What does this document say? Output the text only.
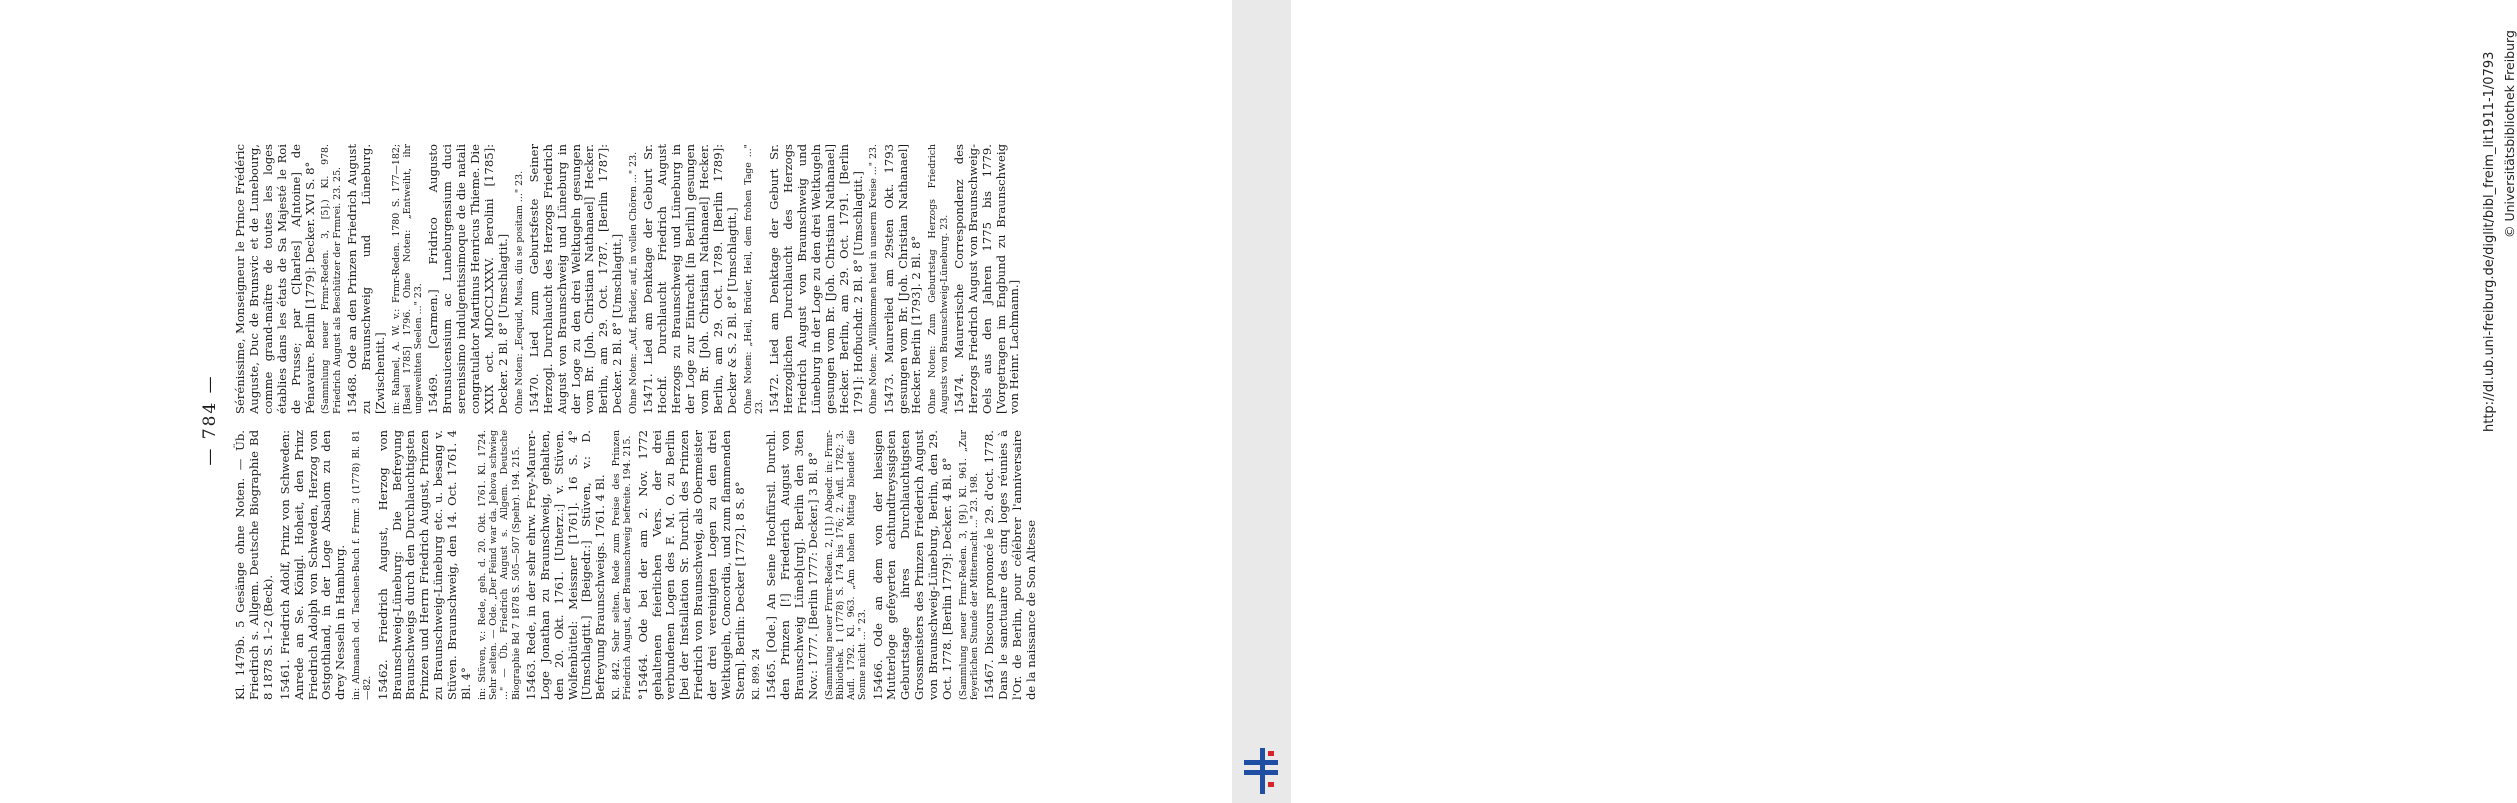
— 784 —

Kl. 1479b. 5 Gesänge ohne Noten. — Üb. Friedrich s. Allgem. Deutsche Biographie Bd 8 1878 S. 1–2 (Beck). 15461. Friedrich Adolf, Prinz von Schweden: Anrede an Se. Königl. Hoheit, den Prinz Friedrich Adolph von Schweden, Herzog von Ostgothland, in der Loge Absalom zu den drey Nesseln in Hamburg. in: Almanach od. Taschen-Buch f. Frmr. 3 (1778) Bl. 81—82. 15462. Friedrich August, Herzog von Braunschweig-Lüneburg: Die Befreyung Braunschweigs durch den Durchlauchtigsten Prinzen und Herrn Friedrich August, Prinzen zu Braunschweig-Lüneburg etc. u. besang v. Stüven. Braunschweig, den 14. Oct. 1761. 4 Bl. 4° in: Stüven, v.: Rede, geh. d. 20. Okt. 1761. Kl. 1724. Sehr selten. — Ode. „Der Feind war da. Jehova schwieg ..." — Üb. Friedrich August s. Allgem. Deutsche Biographie Bd 7 1878 S. 505—507 (Spehr). 194. 215. 15463. Rede, in der sehr ehrw. Frey-Maurer-Loge Jonathan zu Braunschweig, gehalten, den 20. Okt. 1761. [Unterz.:] v. Stüven. Wolfenbüttel: Meissner [1761]. 16 S. 4° [Umschlagtit.] [Beigedr.:] Stüven, v.: D. Befreyung Braunschweigs. 1761. 4 Bl. Kl. 842. Sehr selten. Rede zum Preise des Prinzen Friedrich August, der Braunschweig befreite. 194. 215. °15464. Ode bei der am 2. Nov. 1772 gehaltenen feierlichen Vers. der drei verbundenen Logen des F. M. O. zu Berlin [bei der Installation Sr. Durchl. des Prinzen Friedrich von Braunschweig, als Obermeister der drei vereinigten Logen zu den drei Weltkugeln, Concordia, und zum flammenden Stern]. Berlin: Decker [1772]. 8 S. 8° Kl. 899. 24 15465. [Ode.] An Seine Hochfürstl. Durchl. den Prinzen [!] Friederich August von Braunschweig Lüneb[urg]. Berlin den 3ten Nov.: 1777. [Berlin 1777: Decker.] 3 Bl. 8° (Sammlung neuer Frmr-Reden. 2, [1].) Abgedr. in: Frmr-Bibliothek. 1 (1778) S. 174 bis 176; 2. Aufl. 1782; 3. Aufl. 1792. Kl. 963. „Am hohen Mittag blendet die Sonne nicht ..." 23. 15466. Ode an dem von der hiesigen Mutterloge gefeyerten achtundtreyssigsten Geburtstage ihres Durchlauchtigsten Grossmeisters des Prinzen Friederich August von Braunschweig-Lüneburg, Berlin, den 29. Oct. 1778. [Berlin 1779]: Decker. 4 Bl. 8° (Sammlung neuer Frmr-Reden. 3, [9].) Kl. 961. „Zur feyerlichen Stunde der Mitternacht ..." 23. 198. 15467. Discours prononcé le 29. d'oct. 1778. Dans le sanctuaire des cinq loges réunies à l'Or. de Berlin, pour célébrer l'anniversaire de la naissance de Son Altesse

Sérénissime, Monseigneur le Prince Frédéric Auguste, Duc de Brunsvic et de Lunebourg, comme grand-maître de toutes les loges établies dans les états de Sa Majesté le Roi de Prusse; par C[harles] A[ntoine] de Pénavaire. Berlin [1779]: Decker. XVI S. 8° (Sammlung neuer Frmr-Reden. 3, [5].) Kl. 978. Friedrich August als Beschützer der Frmrei. 23. 25. 15468. Ode an den Prinzen Friedrich August zu Braunschweig und Lüneburg. [Zwischentit.] in: Rahmel, A. W. v.: Frmr-Reden. 1780 S. 177—182; [Basel 1785] 1796. Ohne Noten: „Entweiht, ihr ungeweihten Seelen ..." 23. 15469. [Carmen.] Fridrico Augusto Brunsuicensium ac Luneburgensium duci serenissimo indulgentissimoque de die natali congratulator Martinus Henricus Thieme. Die XXIX oct. MDCCLXXXV. Berolini [1785]: Decker. 2 Bl. 8° [Umschlagtit.] Ohne Noten: „Eequid, Musa, diu se positam ..." 23. 15470. Lied zum Geburtsfeste Seiner Herzogl. Durchlaucht des Herzogs Friedrich August von Braunschweig und Lüneburg in der Loge zu den drei Weltkugeln gesungen vom Br. [Joh. Christian Nathanael] Hecker. Berlin, am 29. Oct. 1787. [Berlin 1787]: Decker. 2 Bl. 8° [Umschlagtit.] Ohne Noten: „Auf, Brüder, auf, in vollen Chören ..." 23. 15471. Lied am Denktage der Geburt Sr. Hochf. Durchlaucht Friedrich August Herzogs zu Braunschweig und Lüneburg in der Loge zur Eintracht [in Berlin] gesungen vom Br. [Joh. Christian Nathanael] Hecker. Berlin, am 29. Oct. 1789. [Berlin 1789]: Decker & S. 2 Bl. 8° [Umschlagtit.] Ohne Noten: „Heil, Brüder, Heil, dem frohen Tage ..." 23. 15472. Lied am Denktage der Geburt Sr. Herzoglichen Durchlaucht des Herzogs Friedrich August von Braunschweig und Lüneburg in der Loge zu den drei Weltkugeln gesungen vom Br. [Joh. Christian Nathanael] Hecker. Berlin, am 29. Oct. 1791. [Berlin 1791]: Hofbuchdr. 2 Bl. 8° [Umschlagtit.] Ohne Noten: „Willkommen heut in unserm Kreise ..." 23. 15473. Maurerlied am 29sten Okt. 1793 gesungen vom Br. [Joh. Christian Nathanael] Hecker. Berlin [1793]. 2 Bl. 8° Ohne Noten: Zum Geburtstag Herzogs Friedrich Augusts von Braunschweig-Lüneburg. 23. 15474. Maurerische Correspondenz des Herzogs Friedrich August von Braunschweig-Oels aus den Jahren 1775 bis 1779. [Vorgetragen im Engbund zu Braunschweig von Heinr. Lachmann.]	http://dl.ub.uni-freiburg.de/diglit/bibl_freim_lit1911-1/0793 © Universitätsbibliothek Freiburg
